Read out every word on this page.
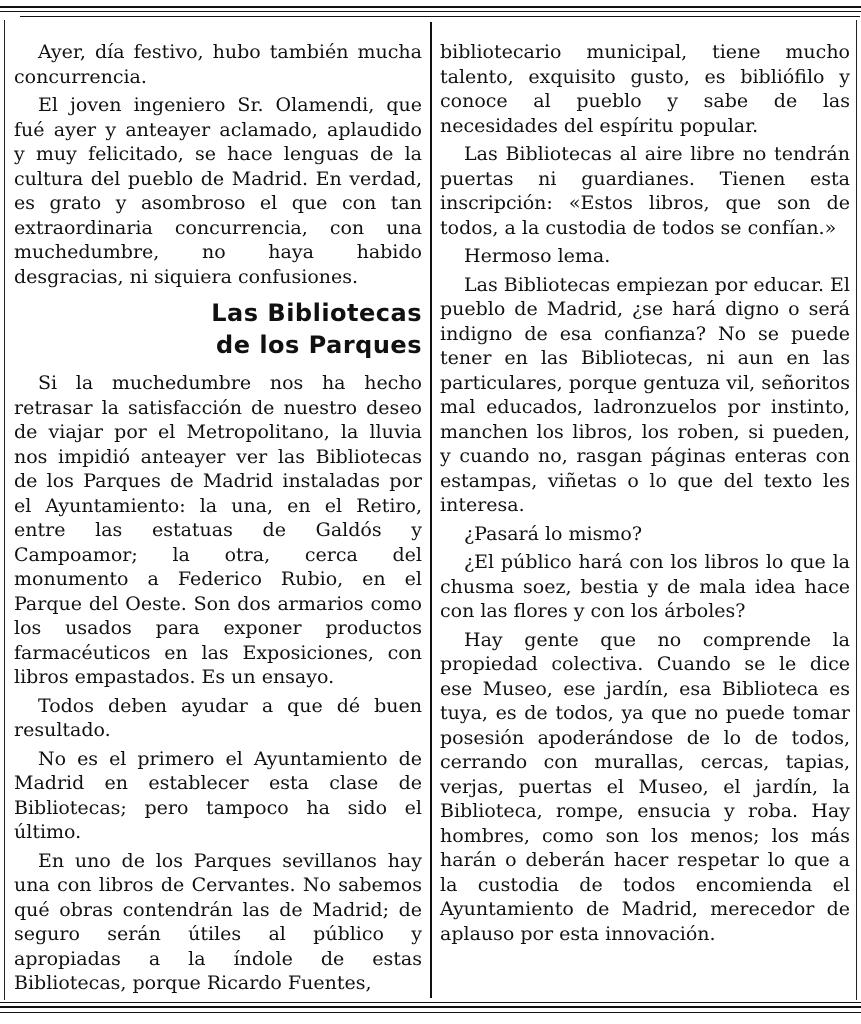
Ayer, día festivo, hubo también mucha concurrencia.

El joven ingeniero Sr. Olamendi, que fué ayer y anteayer aclamado, aplaudido y muy felicitado, se hace lenguas de la cultura del pueblo de Madrid. En verdad, es grato y asombroso el que con tan extraordinaria concurrencia, con una muchedumbre, no haya habido desgracias, ni siquiera confusiones.

Las Bibliotecas
de los Parques

Si la muchedumbre nos ha hecho retrasar la satisfacción de nuestro deseo de viajar por el Metropolitano, la lluvia nos impidió anteayer ver las Bibliotecas de los Parques de Madrid instaladas por el Ayuntamiento: la una, en el Retiro, entre las estatuas de Galdós y Campoamor; la otra, cerca del monumento a Federico Rubio, en el Parque del Oeste. Son dos armarios como los usados para exponer productos farmacéuticos en las Exposiciones, con libros empastados. Es un ensayo.

Todos deben ayudar a que dé buen resultado.

No es el primero el Ayuntamiento de Madrid en establecer esta clase de Bibliotecas; pero tampoco ha sido el último.

En uno de los Parques sevillanos hay una con libros de Cervantes. No sabemos qué obras contendrán las de Madrid; de seguro serán útiles al público y apropiadas a la índole de estas Bibliotecas, porque Ricardo Fuentes,

bibliotecario municipal, tiene mucho talento, exquisito gusto, es bibliófilo y conoce al pueblo y sabe de las necesidades del espíritu popular.

Las Bibliotecas al aire libre no tendrán puertas ni guardianes. Tienen esta inscripción: «Estos libros, que son de todos, a la custodia de todos se confían.»

Hermoso lema.

Las Bibliotecas empiezan por educar. El pueblo de Madrid, ¿se hará digno o será indigno de esa confianza? No se puede tener en las Bibliotecas, ni aun en las particulares, porque gentuza vil, señoritos mal educados, ladronzuelos por instinto, manchen los libros, los roben, si pueden, y cuando no, rasgan páginas enteras con estampas, viñetas o lo que del texto les interesa.

¿Pasará lo mismo?

¿El público hará con los libros lo que la chusma soez, bestia y de mala idea hace con las flores y con los árboles?

Hay gente que no comprende la propiedad colectiva. Cuando se le dice ese Museo, ese jardín, esa Biblioteca es tuya, es de todos, ya que no puede tomar posesión apoderándose de lo de todos, cerrando con murallas, cercas, tapias, verjas, puertas el Museo, el jardín, la Biblioteca, rompe, ensucia y roba. Hay hombres, como son los menos; los más harán o deberán hacer respetar lo que a la custodia de todos encomienda el Ayuntamiento de Madrid, merecedor de aplauso por esta innovación.
